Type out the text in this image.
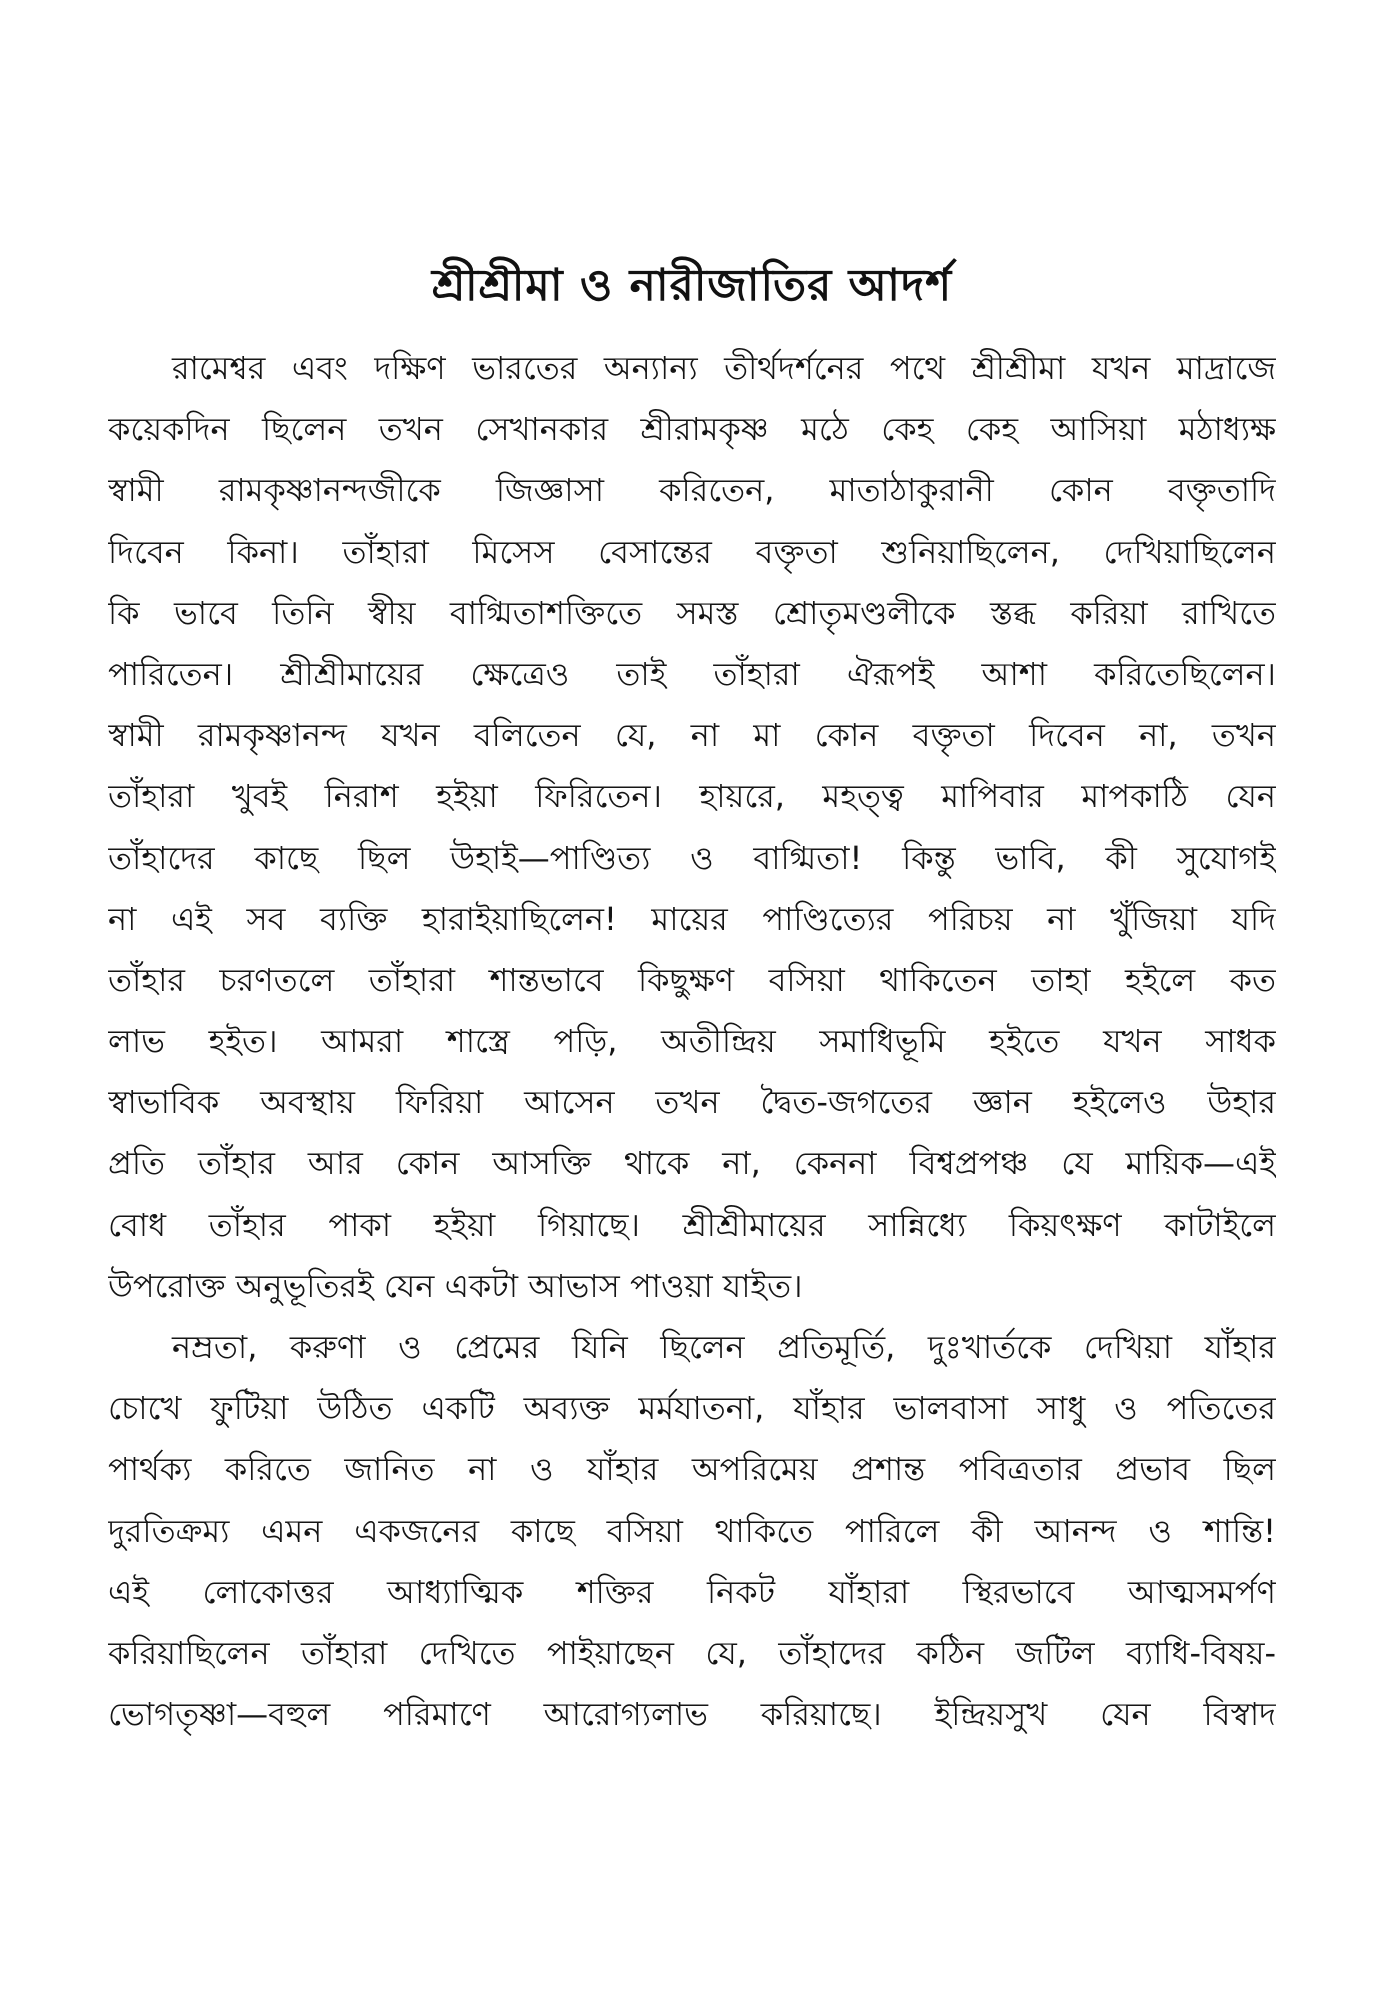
শ্রীশ্রীমা ও নারীজাতির আদর্শ
রামেশ্বর এবং দক্ষিণ ভারতের অন্যান্য তীর্থদর্শনের পথে শ্রীশ্রীমা যখন মাদ্রাজে
কয়েকদিন ছিলেন তখন সেখানকার শ্রীরামকৃষ্ণ মঠে কেহ কেহ আসিয়া মঠাধ্যক্ষ
স্বামী রামকৃষ্ণানন্দজীকে জিজ্ঞাসা করিতেন, মাতাঠাকুরানী কোন বক্তৃতাদি
দিবেন কিনা। তাঁহারা মিসেস বেসান্তের বক্তৃতা শুনিয়াছিলেন, দেখিয়াছিলেন
কি ভাবে তিনি স্বীয় বাগ্মিতাশক্তিতে সমস্ত শ্রোতৃমণ্ডলীকে স্তব্ধ করিয়া রাখিতে
পারিতেন। শ্রীশ্রীমায়ের ক্ষেত্রেও তাই তাঁহারা ঐরূপই আশা করিতেছিলেন।
স্বামী রামকৃষ্ণানন্দ যখন বলিতেন যে, না মা কোন বক্তৃতা দিবেন না, তখন
তাঁহারা খুবই নিরাশ হইয়া ফিরিতেন। হায়রে, মহত্ত্ব মাপিবার মাপকাঠি যেন
তাঁহাদের কাছে ছিল উহাই—পাণ্ডিত্য ও বাগ্মিতা! কিন্তু ভাবি, কী সুযোগই
না এই সব ব্যক্তি হারাইয়াছিলেন! মায়ের পাণ্ডিত্যের পরিচয় না খুঁজিয়া যদি
তাঁহার চরণতলে তাঁহারা শান্তভাবে কিছুক্ষণ বসিয়া থাকিতেন তাহা হইলে কত
লাভ হইত। আমরা শাস্ত্রে পড়ি, অতীন্দ্রিয় সমাধিভূমি হইতে যখন সাধক
স্বাভাবিক অবস্থায় ফিরিয়া আসেন তখন দ্বৈত-জগতের জ্ঞান হইলেও উহার
প্রতি তাঁহার আর কোন আসক্তি থাকে না, কেননা বিশ্বপ্রপঞ্চ যে মায়িক—এই
বোধ তাঁহার পাকা হইয়া গিয়াছে। শ্রীশ্রীমায়ের সান্নিধ্যে কিয়ৎক্ষণ কাটাইলে
উপরোক্ত অনুভূতিরই যেন একটা আভাস পাওয়া যাইত।
নম্রতা, করুণা ও প্রেমের যিনি ছিলেন প্রতিমূর্তি, দুঃখার্তকে দেখিয়া যাঁহার
চোখে ফুটিয়া উঠিত একটি অব্যক্ত মর্মযাতনা, যাঁহার ভালবাসা সাধু ও পতিতের
পার্থক্য করিতে জানিত না ও যাঁহার অপরিমেয় প্রশান্ত পবিত্রতার প্রভাব ছিল
দুরতিক্রম্য এমন একজনের কাছে বসিয়া থাকিতে পারিলে কী আনন্দ ও শান্তি!
এই লোকোত্তর আধ্যাত্মিক শক্তির নিকট যাঁহারা স্থিরভাবে আত্মসমর্পণ
করিয়াছিলেন তাঁহারা দেখিতে পাইয়াছেন যে, তাঁহাদের কঠিন জটিল ব্যাধি-বিষয়-
ভোগতৃষ্ণা—বহুল পরিমাণে আরোগ্যলাভ করিয়াছে। ইন্দ্রিয়সুখ যেন বিস্বাদ
